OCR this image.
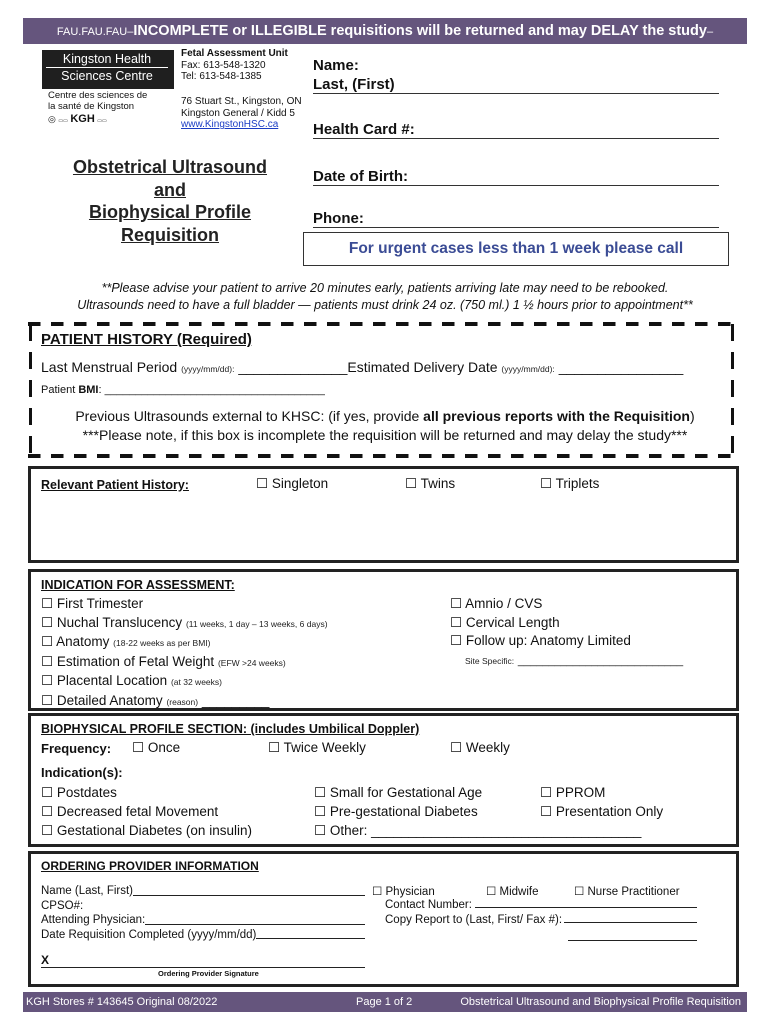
FAU.FAU.FAU–INCOMPLETE or ILLEGIBLE requisitions will be returned and may DELAY the study–FAU.FAU.FAU
Kingston Health
Sciences Centre
Centre des sciences de
la santé de Kingston
◎ ▭▭ KGH ▭▭
Fetal Assessment Unit
Fax: 613-548-1320
Tel: 613-548-1385
76 Stuart St., Kingston, ON
Kingston General / Kidd 5
www.KingstonHSC.ca
Name:
Last, (First)
Health Card #:
Date of Birth:
Phone:
Obstetrical Ultrasound
and
Biophysical Profile
Requisition
For urgent cases less than 1 week please call
**Please advise your patient to arrive 20 minutes early, patients arriving late may need to be rebooked.
Ultrasounds need to have a full bladder — patients must drink 24 oz. (750 ml.) 1 ½ hours prior to appointment**
PATIENT HISTORY (Required)
Last Menstrual Period (yyyy/mm/dd): ______________Estimated Delivery Date (yyyy/mm/dd): ________________
Patient BMI: ____________________________________
Previous Ultrasounds external to KHSC: (if yes, provide all previous reports with the Requisition)
***Please note, if this box is incomplete the requisition will be returned and may delay the study***
Relevant Patient History:	☐ Singleton	☐ Twins	☐ Triplets
INDICATION FOR ASSESSMENT:
☐ First Trimester
☐ Nuchal Translucency (11 weeks, 1 day – 13 weeks, 6 days)
☐ Anatomy (18-22 weeks as per BMI)
☐ Estimation of Fetal Weight (EFW >24 weeks)
☐ Placental Location (at 32 weeks)
☐ Detailed Anatomy (reason) _________
☐ Amnio / CVS
☐ Cervical Length
☐ Follow up: Anatomy Limited
Site Specific: ___________________________
BIOPHYSICAL PROFILE SECTION: (includes Umbilical Doppler)
Frequency: ☐ Once	☐ Twice Weekly	☐ Weekly
Indication(s):
☐ Postdates
☐ Decreased fetal Movement
☐ Gestational Diabetes (on insulin)
☐ Small for Gestational Age
☐ Pre-gestational Diabetes
☐ Other: ____________________________________
☐ PPROM
☐ Presentation Only
ORDERING PROVIDER INFORMATION
Name (Last, First)
CPSO#:
Attending Physician:
Date Requisition Completed (yyyy/mm/dd)
☐ Physician	☐ Midwife	☐ Nurse Practitioner
Contact Number:
Copy Report to (Last, First/ Fax #):
X
Ordering Provider Signature
KGH Stores # 143645 Original 08/2022	Page 1 of 2	Obstetrical Ultrasound and Biophysical Profile Requisition
